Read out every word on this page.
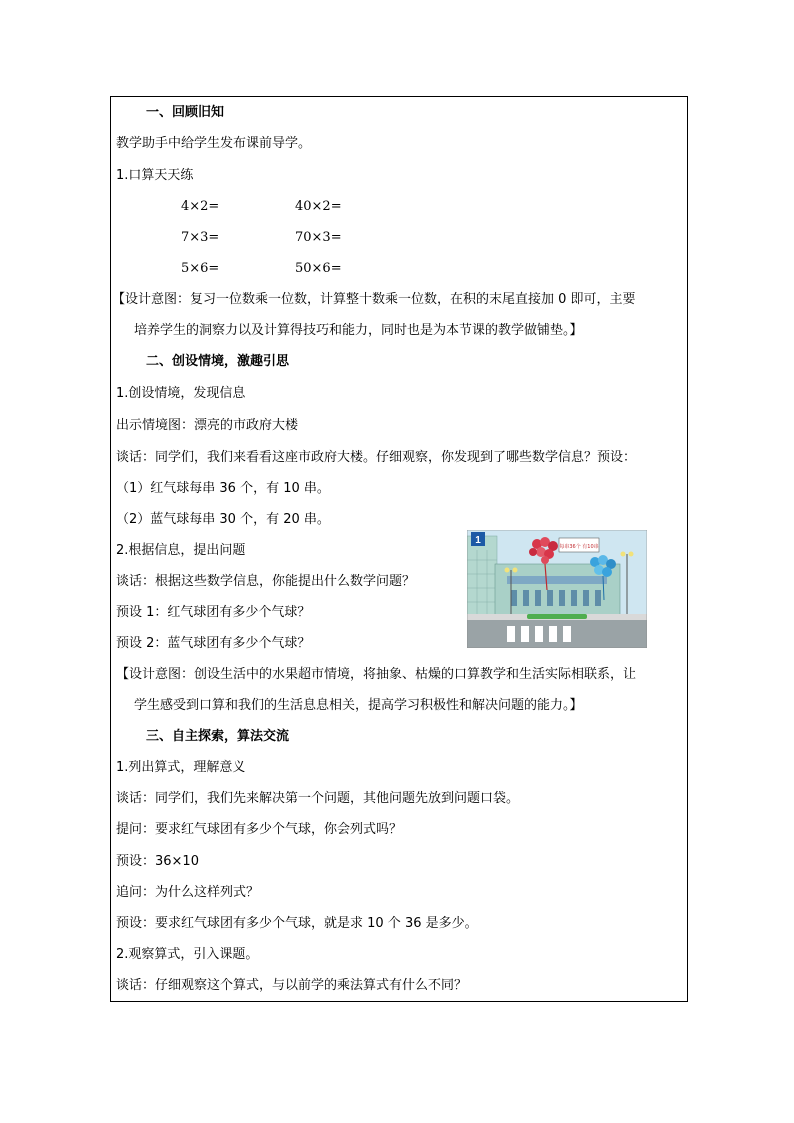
一、回顾旧知
教学助手中给学生发布课前导学。
1.口算天天练
4×2=	40×2=
7×3=	70×3=
5×6=	50×6=
【设计意图：复习一位数乘一位数，计算整十数乘一位数，在积的末尾直接加 0 即可，主要
培养学生的洞察力以及计算得技巧和能力，同时也是为本节课的教学做铺垫。】
二、创设情境，激趣引思
1.创设情境，发现信息
出示情境图：漂亮的市政府大楼
谈话：同学们，我们来看看这座市政府大楼。仔细观察，你发现到了哪些数学信息？预设：
（1）红气球每串 36 个，有 10 串。
（2）蓝气球每串 30 个，有 20 串。
2.根据信息，提出问题
谈话：根据这些数学信息，你能提出什么数学问题？
预设 1：红气球团有多少个气球？
预设 2：蓝气球团有多少个气球？
1
每串36个 有10串
【设计意图：创设生活中的水果超市情境，将抽象、枯燥的口算教学和生活实际相联系，让
学生感受到口算和我们的生活息息相关，提高学习积极性和解决问题的能力。】
三、自主探索，算法交流
1.列出算式，理解意义
谈话：同学们，我们先来解决第一个问题，其他问题先放到问题口袋。
提问：要求红气球团有多少个气球，你会列式吗？
预设：36×10
追问：为什么这样列式？
预设：要求红气球团有多少个气球，就是求 10 个 36 是多少。
2.观察算式，引入课题。
谈话：仔细观察这个算式，与以前学的乘法算式有什么不同？
